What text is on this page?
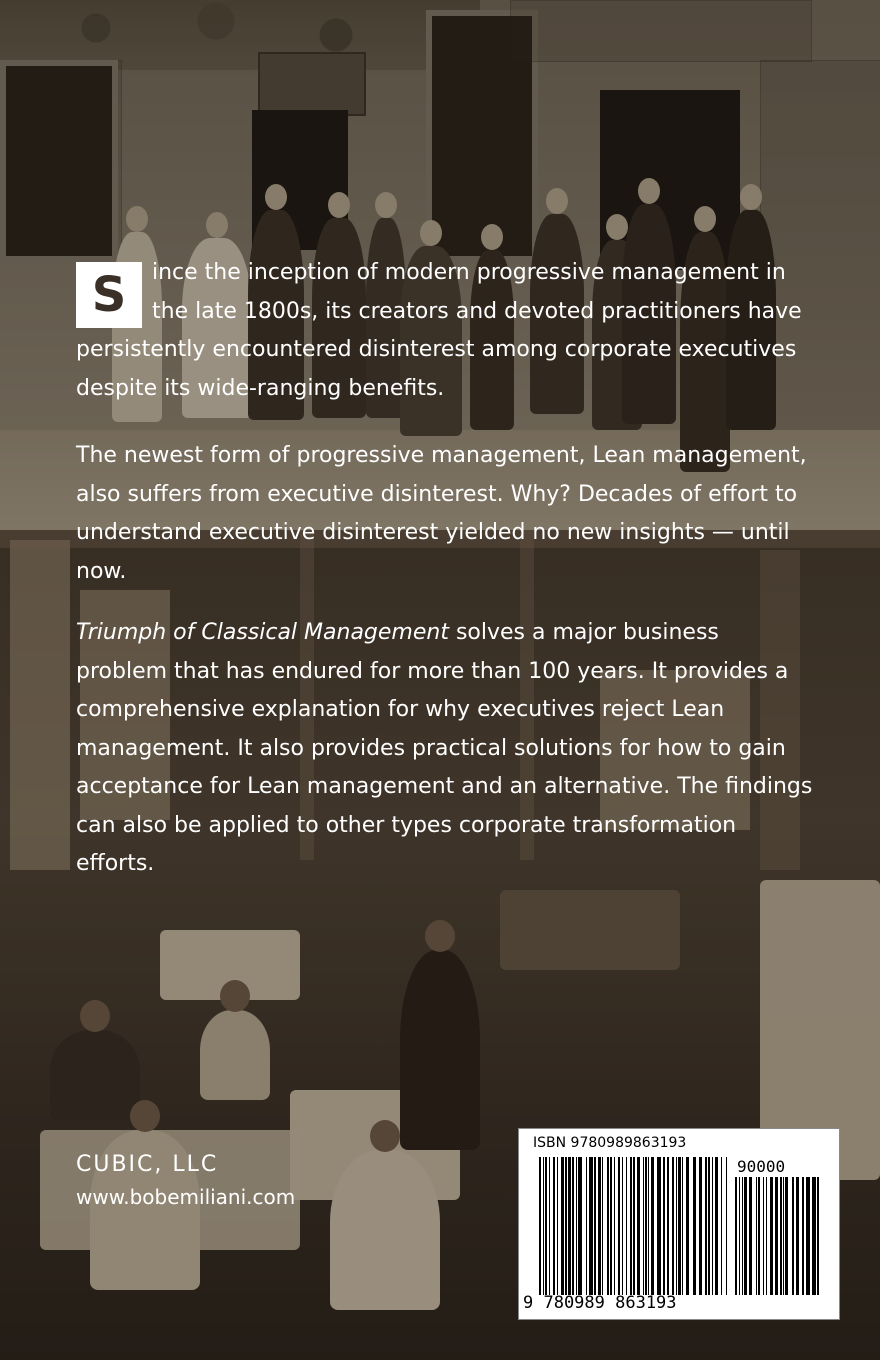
S	ince the inception of modern progressive management in the late 1800s, its creators and devoted practitioners have persistently encountered disinterest among corporate executives despite its wide-ranging benefits.
The newest form of progressive management, Lean management, also suffers from executive disinterest. Why? Decades of effort to understand executive disinterest yielded no new insights — until now.
Triumph of Classical Management solves a major business problem that has endured for more than 100 years. It provides a comprehensive explanation for why executives reject Lean management. It also provides practical solutions for how to gain acceptance for Lean management and an alternative. The findings can also be applied to other types corporate transformation efforts.
CUBIC, LLC
www.bobemiliani.com
ISBN 9780989863193
90000
9 780989 863193
